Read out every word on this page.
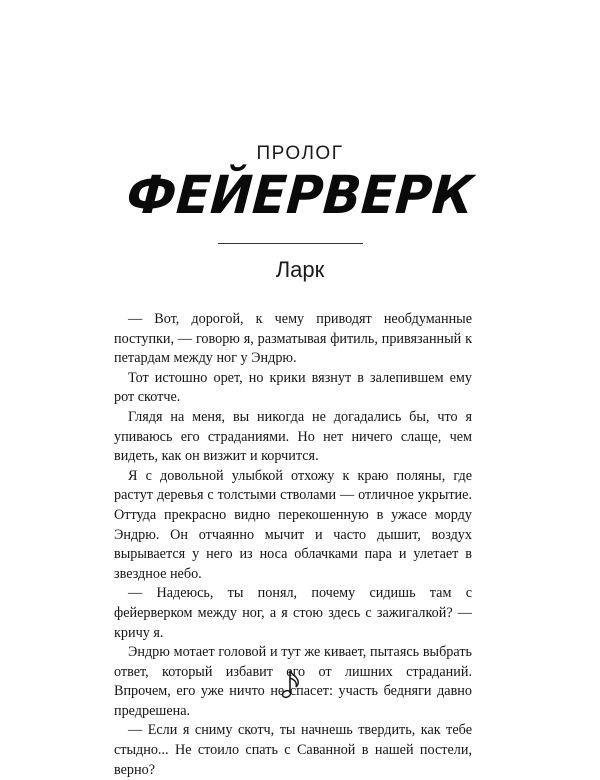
ПРОЛОГ
ФЕЙЕРВЕРК
Ларк

— Вот, дорогой, к чему приводят необдуманные поступки, — говорю я, разматывая фитиль, привязанный к петардам между ног у Эндрю.

Тот истошно орет, но крики вязнут в залепившем ему рот скотче.

Глядя на меня, вы никогда не догадались бы, что я упиваюсь его страданиями. Но нет ничего слаще, чем видеть, как он визжит и корчится.

Я с довольной улыбкой отхожу к краю поляны, где растут деревья с толстыми стволами — отличное укрытие. Оттуда прекрасно видно перекошенную в ужасе морду Эндрю. Он отчаянно мычит и часто дышит, воздух вырывается у него из носа облачками пара и улетает в звездное небо.

— Надеюсь, ты понял, почему сидишь там с фейерверком между ног, а я стою здесь с зажигалкой? — кричу я.

Эндрю мотает головой и тут же кивает, пытаясь выбрать ответ, который избавит его от лишних страданий. Впрочем, его уже ничто не спасет: участь бедняги давно предрешена.

— Если я сниму скотч, ты начнешь твердить, как тебе стыдно... Не стоило спать с Саванной в нашей постели, верно?
